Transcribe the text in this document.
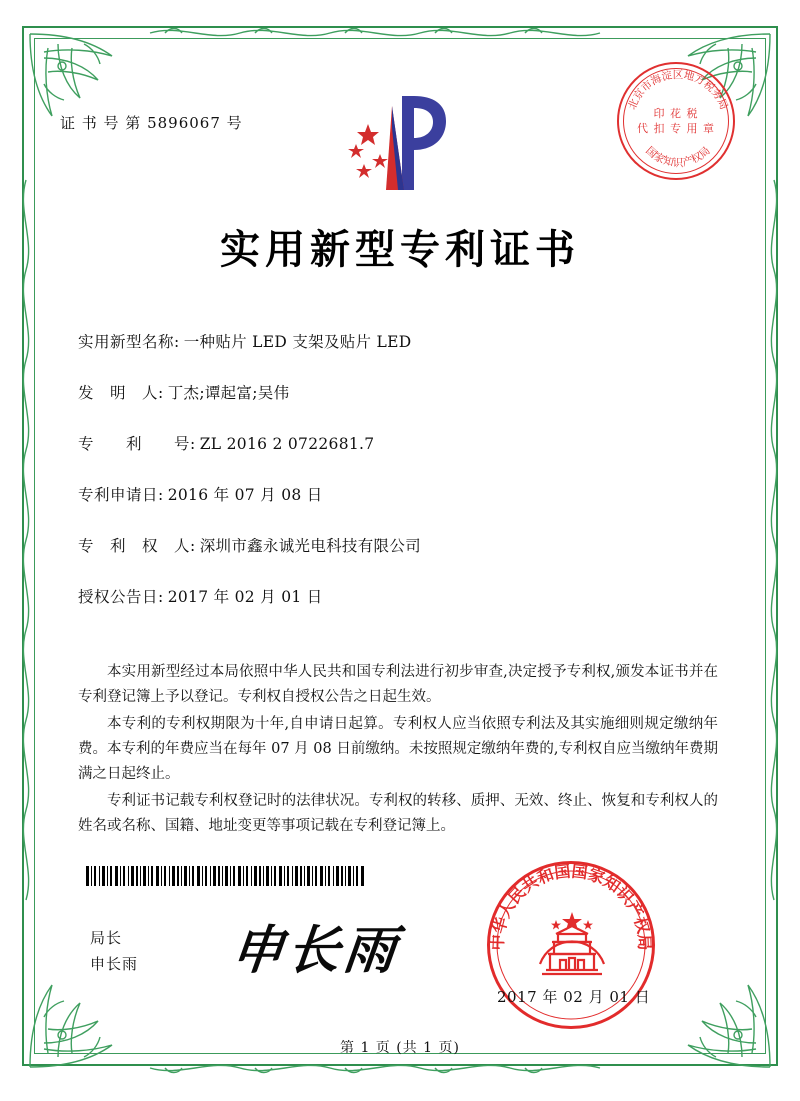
证 书 号 第 5896067 号
北京市海淀区地方税务局
国家知识产权局
印 花 税
代 扣 专 用 章
实用新型专利证书
实用新型名称: 一种贴片 LED 支架及贴片 LED
发　明　人: 丁杰;谭起富;吴伟
专　　利　　号: ZL 2016 2 0722681.7
专利申请日: 2016 年 07 月 08 日
专　利　权　人: 深圳市鑫永诚光电科技有限公司
授权公告日: 2017 年 02 月 01 日

本实用新型经过本局依照中华人民共和国专利法进行初步审查,决定授予专利权,颁发本证书并在专利登记簿上予以登记。专利权自授权公告之日起生效。

本专利的专利权期限为十年,自申请日起算。专利权人应当依照专利法及其实施细则规定缴纳年费。本专利的年费应当在每年 07 月 08 日前缴纳。未按照规定缴纳年费的,专利权自应当缴纳年费期满之日起终止。

专利证书记载专利权登记时的法律状况。专利权的转移、质押、无效、终止、恢复和专利权人的姓名或名称、国籍、地址变更等事项记载在专利登记簿上。

局长
申长雨 申长雨	中华人民共和国国家知识产权局
2017 年 02 月 01 日
第 1 页 (共 1 页)
